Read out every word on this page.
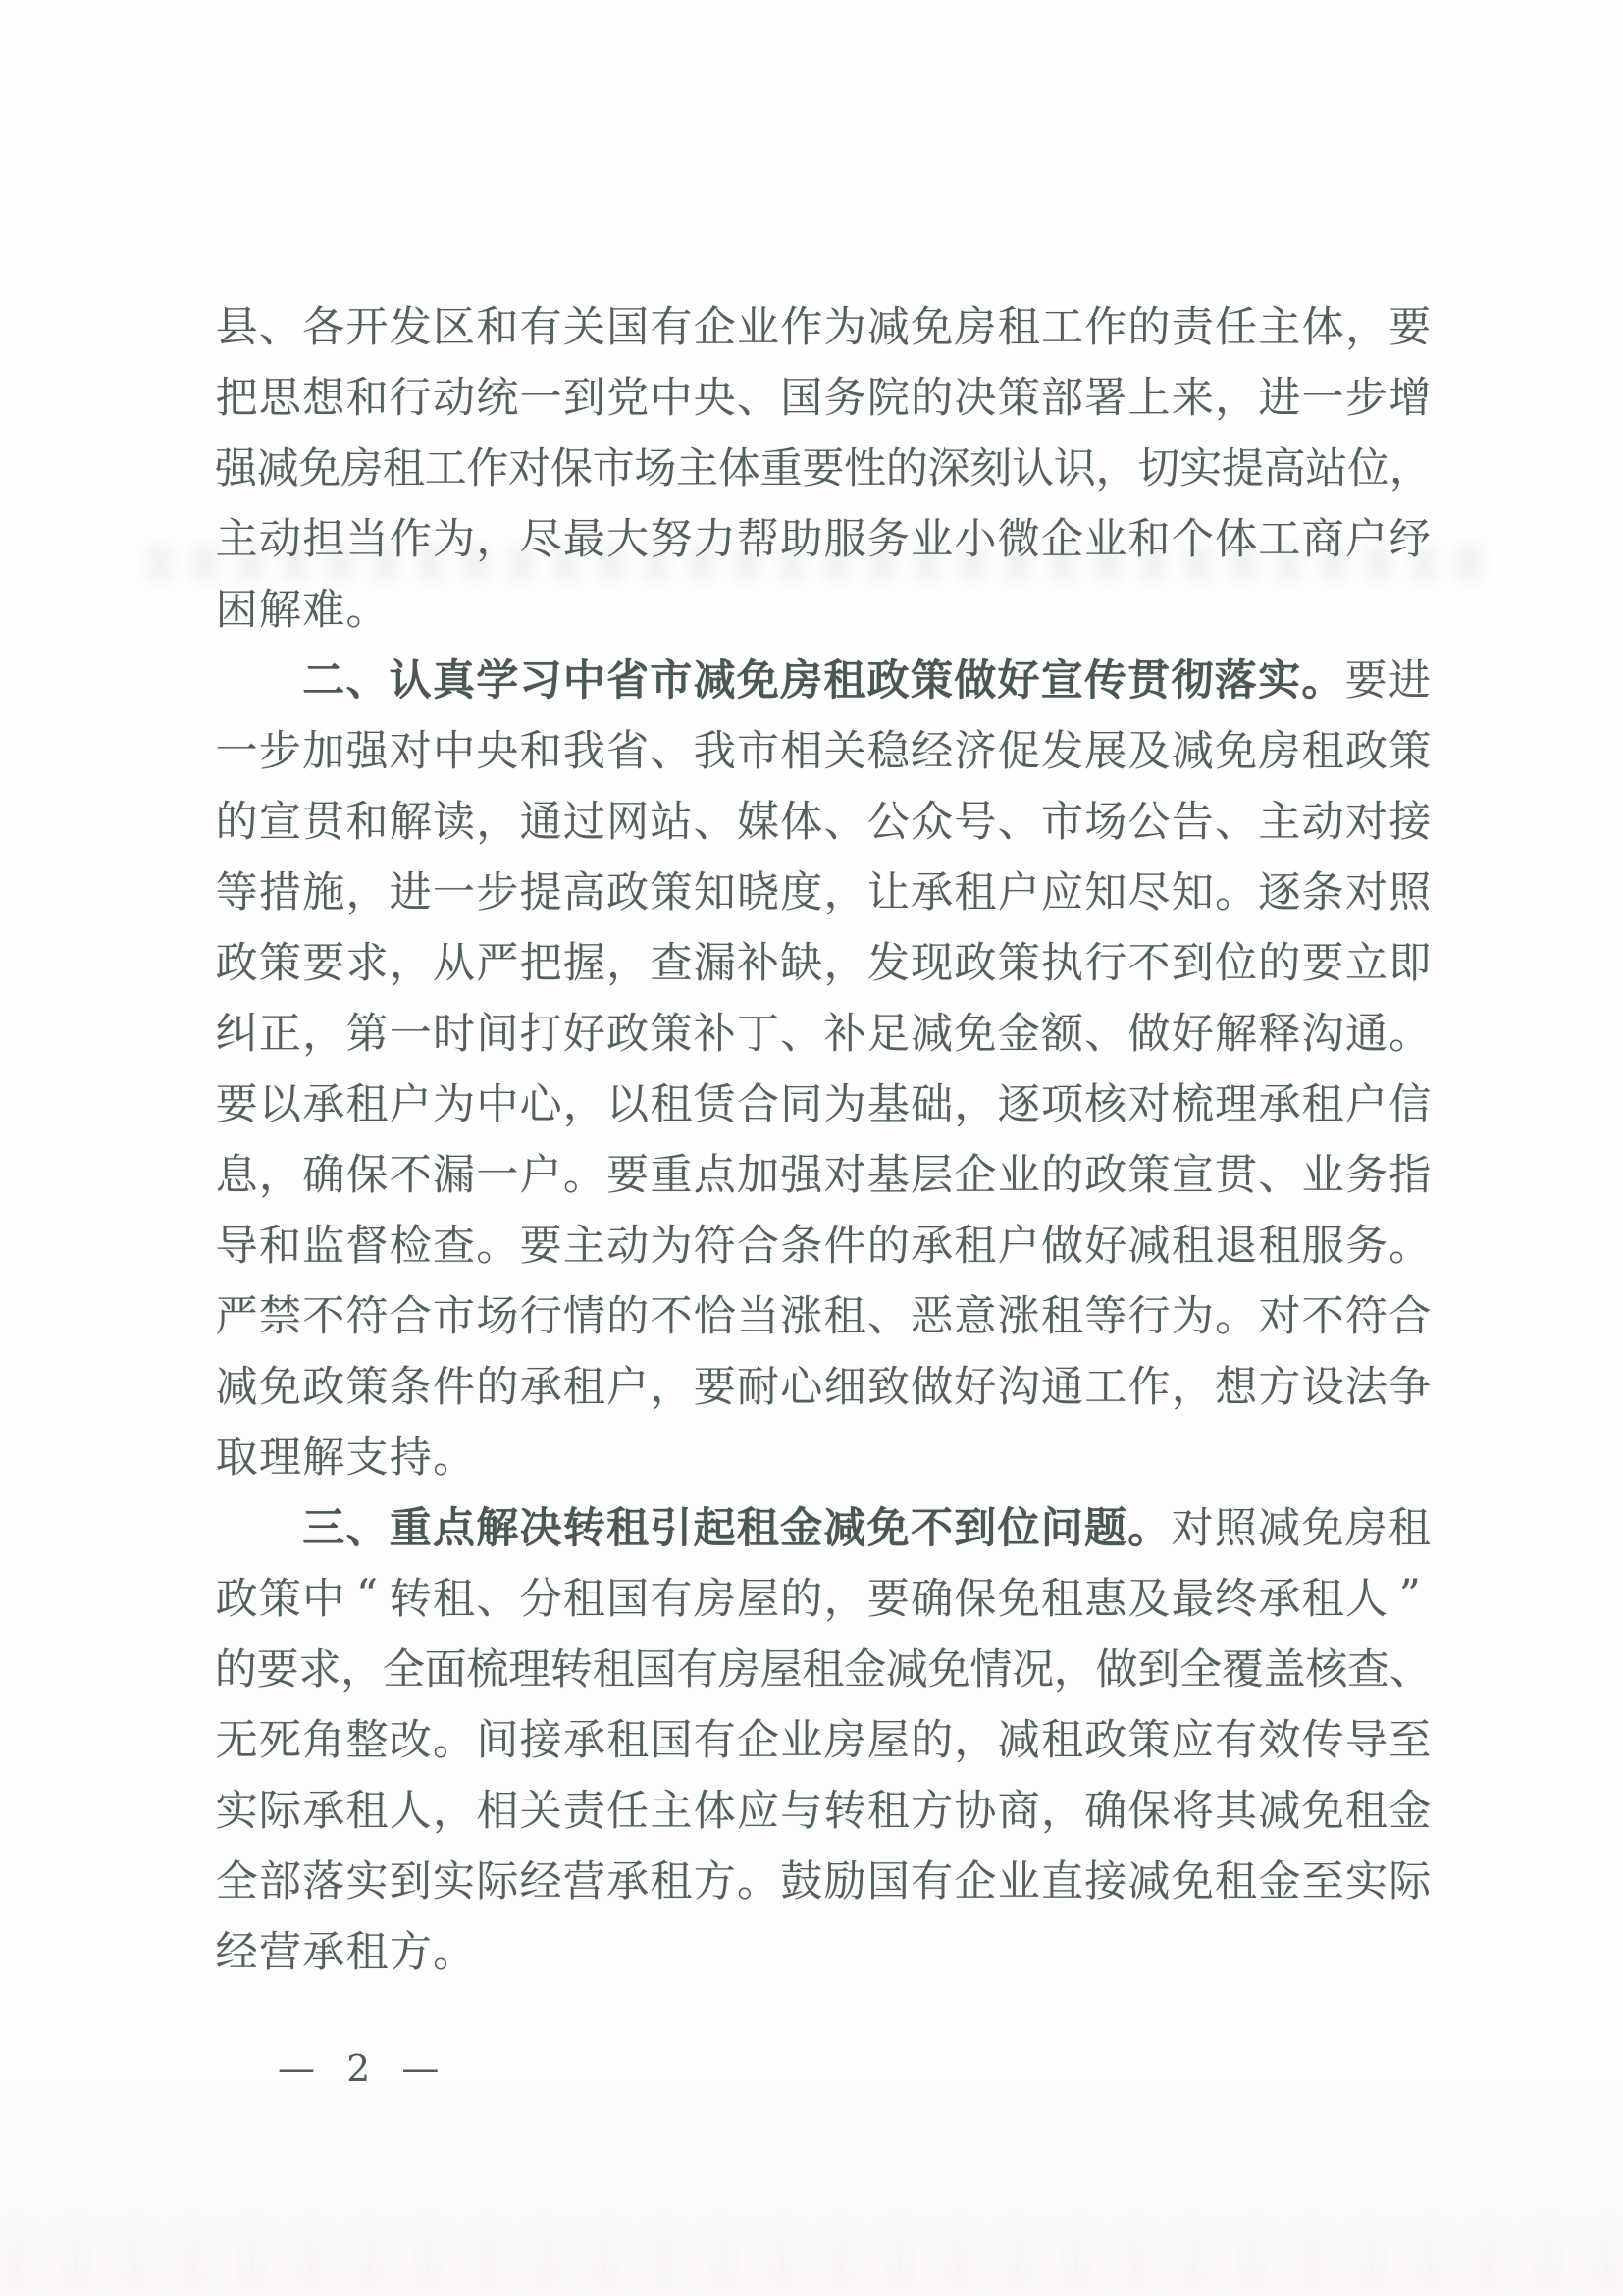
县 、 各 开 发 区 和 有 关 国 有 企 业 作 为 减 免 房 租 工 作 的 责 任 主 体 ， 要
把 思 想 和 行 动 统 一 到 党 中 央 、 国 务 院 的 决 策 部 署 上 来 ， 进 一 步 增
强 减 免 房 租 工 作 对 保 市 场 主 体 重 要 性 的 深 刻 认 识 ， 切 实 提 高 站 位 ，
主 动 担 当 作 为 ， 尽 最 大 努 力 帮 助 服 务 业 小 微 企 业 和 个 体 工 商 户 纾
困 解 难 。
二 、 认 真 学 习 中 省 市 减 免 房 租 政 策 做 好 宣 传 贯 彻 落 实 。 要 进
一 步 加 强 对 中 央 和 我 省 、 我 市 相 关 稳 经 济 促 发 展 及 减 免 房 租 政 策
的 宣 贯 和 解 读 ， 通 过 网 站 、 媒 体 、 公 众 号 、 市 场 公 告 、 主 动 对 接
等 措 施 ， 进 一 步 提 高 政 策 知 晓 度 ， 让 承 租 户 应 知 尽 知 。 逐 条 对 照
政 策 要 求 ， 从 严 把 握 ， 查 漏 补 缺 ， 发 现 政 策 执 行 不 到 位 的 要 立 即
纠 正 ， 第 一 时 间 打 好 政 策 补 丁 、 补 足 减 免 金 额 、 做 好 解 释 沟 通 。
要 以 承 租 户 为 中 心 ， 以 租 赁 合 同 为 基 础 ， 逐 项 核 对 梳 理 承 租 户 信
息 ， 确 保 不 漏 一 户 。 要 重 点 加 强 对 基 层 企 业 的 政 策 宣 贯 、 业 务 指
导 和 监 督 检 查 。 要 主 动 为 符 合 条 件 的 承 租 户 做 好 减 租 退 租 服 务 。
严 禁 不 符 合 市 场 行 情 的 不 恰 当 涨 租 、 恶 意 涨 租 等 行 为 。 对 不 符 合
减 免 政 策 条 件 的 承 租 户 ， 要 耐 心 细 致 做 好 沟 通 工 作 ， 想 方 设 法 争
取 理 解 支 持 。
三 、 重 点 解 决 转 租 引 起 租 金 减 免 不 到 位 问 题 。 对 照 减 免 房 租
政 策 中 “ 转 租 、 分 租 国 有 房 屋 的 ， 要 确 保 免 租 惠 及 最 终 承 租 人 ”
的 要 求 ， 全 面 梳 理 转 租 国 有 房 屋 租 金 减 免 情 况 ， 做 到 全 覆 盖 核 查 、
无 死 角 整 改 。 间 接 承 租 国 有 企 业 房 屋 的 ， 减 租 政 策 应 有 效 传 导 至
实 际 承 租 人 ， 相 关 责 任 主 体 应 与 转 租 方 协 商 ， 确 保 将 其 减 免 租 金
全 部 落 实 到 实 际 经 营 承 租 方 。 鼓 励 国 有 企 业 直 接 减 免 租 金 至 实 际
经 营 承 租 方 。
— 2 —
